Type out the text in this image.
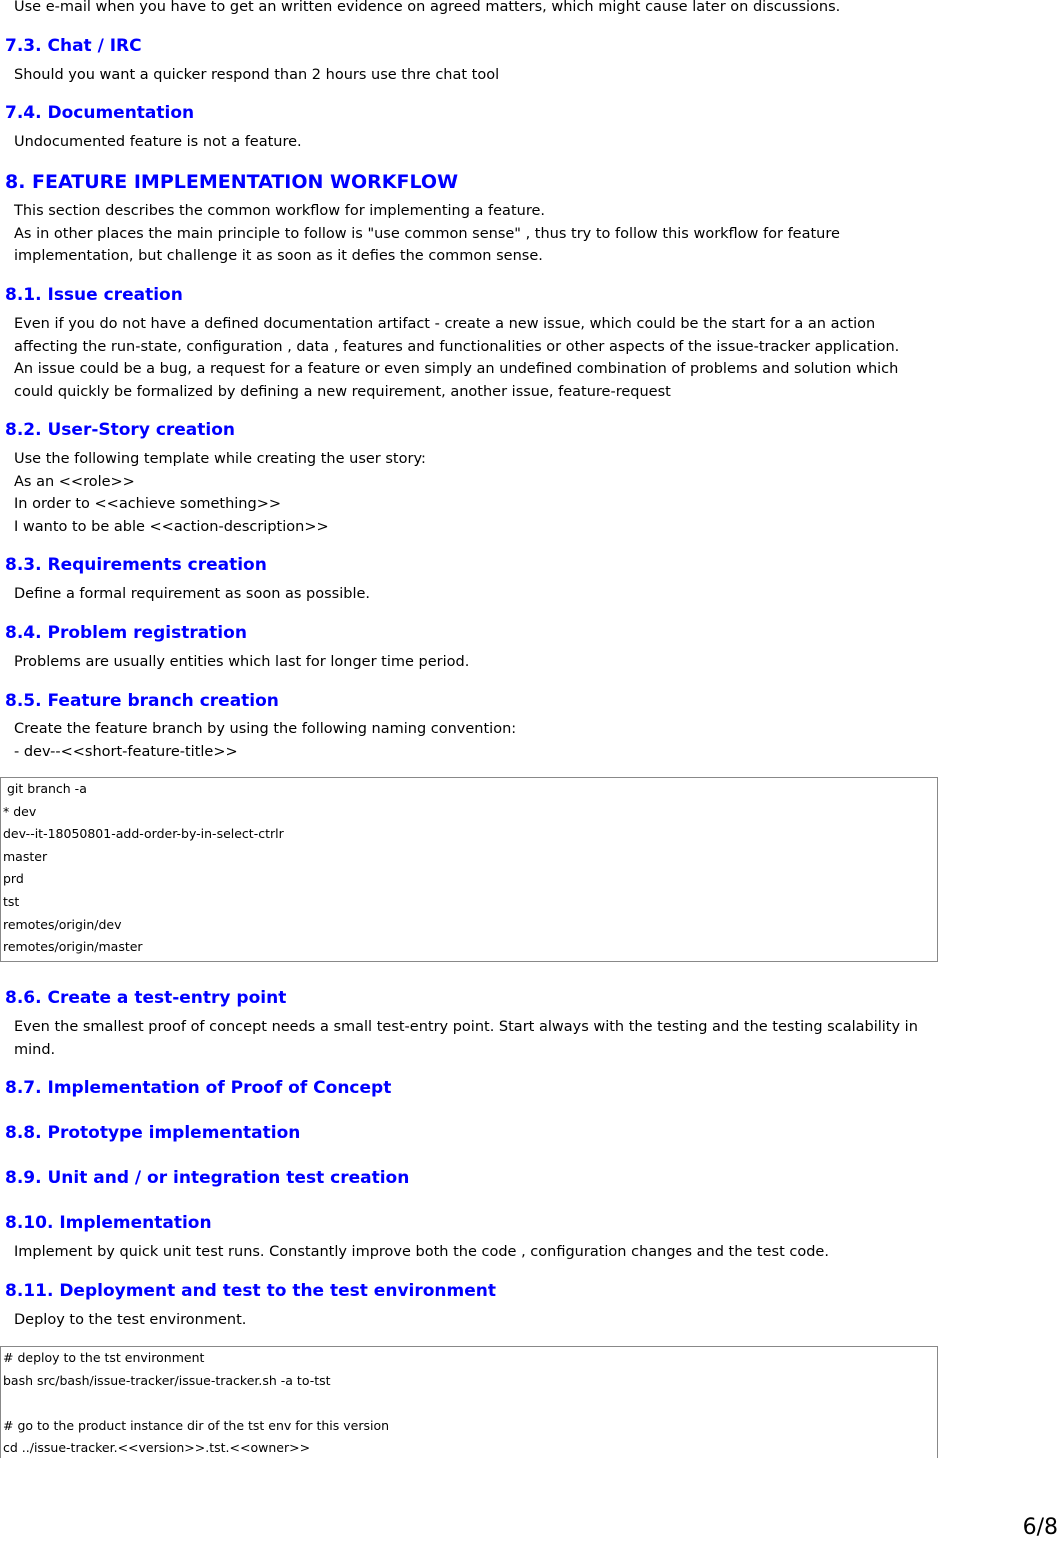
Use e-mail when you have to get an written evidence on agreed matters, which might cause later on discussions.
7.3. Chat / IRC
Should you want a quicker respond than 2 hours use thre chat tool
7.4. Documentation
Undocumented feature is not a feature.
8. FEATURE IMPLEMENTATION WORKFLOW
This section describes the common workflow for implementing a feature.
As in other places the main principle to follow is "use common sense" , thus try to follow this workflow for feature
implementation, but challenge it as soon as it defies the common sense.
8.1. Issue creation
Even if you do not have a defined documentation artifact - create a new issue, which could be the start for a an action
affecting the run-state, configuration , data , features and functionalities or other aspects of the issue-tracker application.
An issue could be a bug, a request for a feature or even simply an undefined combination of problems and solution which
could quickly be formalized by defining a new requirement, another issue, feature-request
8.2. User-Story creation
Use the following template while creating the user story:
As an <<role>>
In order to <<achieve something>>
I wanto to be able <<action-description>>
8.3. Requirements creation
Define a formal requirement as soon as possible.
8.4. Problem registration
Problems are usually entities which last for longer time period.
8.5. Feature branch creation
Create the feature branch by using the following naming convention:
- dev--<<short-feature-title>>
git branch -a
* dev
dev--it-18050801-add-order-by-in-select-ctrlr
master
prd
tst
remotes/origin/dev
remotes/origin/master
8.6. Create a test-entry point
Even the smallest proof of concept needs a small test-entry point. Start always with the testing and the testing scalability in
mind.
8.7. Implementation of Proof of Concept
8.8. Prototype implementation
8.9. Unit and / or integration test creation
8.10. Implementation
Implement by quick unit test runs. Constantly improve both the code , configuration changes and the test code.
8.11. Deployment and test to the test environment
Deploy to the test environment.
# deploy to the tst environment
bash src/bash/issue-tracker/issue-tracker.sh -a to-tst
# go to the product instance dir of the tst env for this version
cd ../issue-tracker.<<version>>.tst.<<owner>>
6/8
